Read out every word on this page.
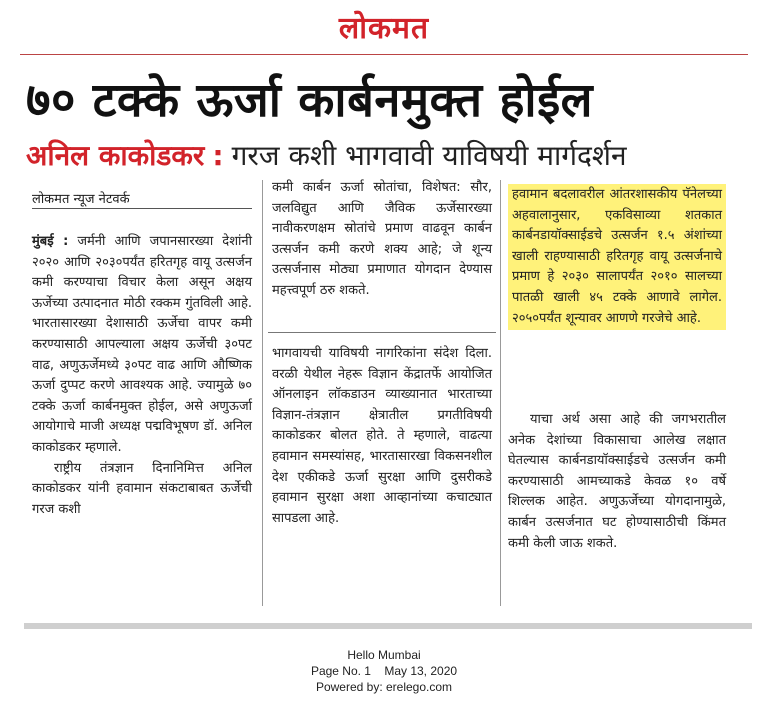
लोकमत
७० टक्के ऊर्जा कार्बनमुक्त होईल
अनिल काकोडकर : गरज कशी भागवावी याविषयी मार्गदर्शन
लोकमत न्यूज नेटवर्क

मुंबई : जर्मनी आणि जपानसारख्या देशांनी २०२० आणि २०३०पर्यंत हरितगृह वायू उत्सर्जन कमी करण्याचा विचार केला असून अक्षय ऊर्जेच्या उत्पादनात मोठी रक्कम गुंतविली आहे. भारतासारख्या देशासाठी ऊर्जेचा वापर कमी करण्यासाठी आपल्याला अक्षय ऊर्जेची ३०पट वाढ, अणुऊर्जेमध्ये ३०पट वाढ आणि औष्णिक ऊर्जा दुप्पट करणे आवश्यक आहे. ज्यामुळे ७० टक्के ऊर्जा कार्बनमुक्त होईल, असे अणुऊर्जा आयोगाचे माजी अध्यक्ष पद्मविभूषण डॉ. अनिल काकोडकर म्हणाले.

राष्ट्रीय तंत्रज्ञान दिनानिमित्त अनिल काकोडकर यांनी हवामान संकटाबाबत ऊर्जेची गरज कशी

कमी कार्बन ऊर्जा स्रोतांचा, विशेषत: सौर, जलविद्युत आणि जैविक ऊर्जेसारख्या नावीकरणक्षम स्रोतांचे प्रमाण वाढवून कार्बन उत्सर्जन कमी करणे शक्य आहे; जे शून्य उत्सर्जनास मोठ्या प्रमाणात योगदान देण्यास महत्त्वपूर्ण ठरु शकते.
भागवायची याविषयी नागरिकांना संदेश दिला. वरळी येथील नेहरू विज्ञान केंद्रातर्फे आयोजित ऑनलाइन लॉकडाउन व्याख्यानात भारताच्या विज्ञान-तंत्रज्ञान क्षेत्रातील प्रगतीविषयी काकोडकर बोलत होते. ते म्हणाले, वाढत्या हवामान समस्यांसह, भारतासारखा विकसनशील देश एकीकडे ऊर्जा सुरक्षा आणि दुसरीकडे हवामान सुरक्षा अशा आव्हानांच्या कचाट्यात सापडला आहे.
हवामान बदलावरील आंतरशासकीय पॅनेलच्या अहवालानुसार, एकविसाव्या शतकात कार्बनडायॉक्साईडचे उत्सर्जन १.५ अंशांच्या खाली राहण्यासाठी हरितगृह वायू उत्सर्जनाचे प्रमाण हे २०३० सालापर्यंत २०१० सालच्या पातळी खाली ४५ टक्के आणावे लागेल. २०५०पर्यंत शून्यावर आणणे गरजेचे आहे.
याचा अर्थ असा आहे की जगभरातील अनेक देशांच्या विकासाचा आलेख लक्षात घेतल्यास कार्बनडायॉक्साईडचे उत्सर्जन कमी करण्यासाठी आमच्याकडे केवळ १० वर्षे शिल्लक आहेत. अणुऊर्जेच्या योगदानामुळे, कार्बन उत्सर्जनात घट होण्यासाठीची किंमत कमी केली जाऊ शकते.
Hello Mumbai
Page No. 1 May 13, 2020
Powered by: erelego.com
